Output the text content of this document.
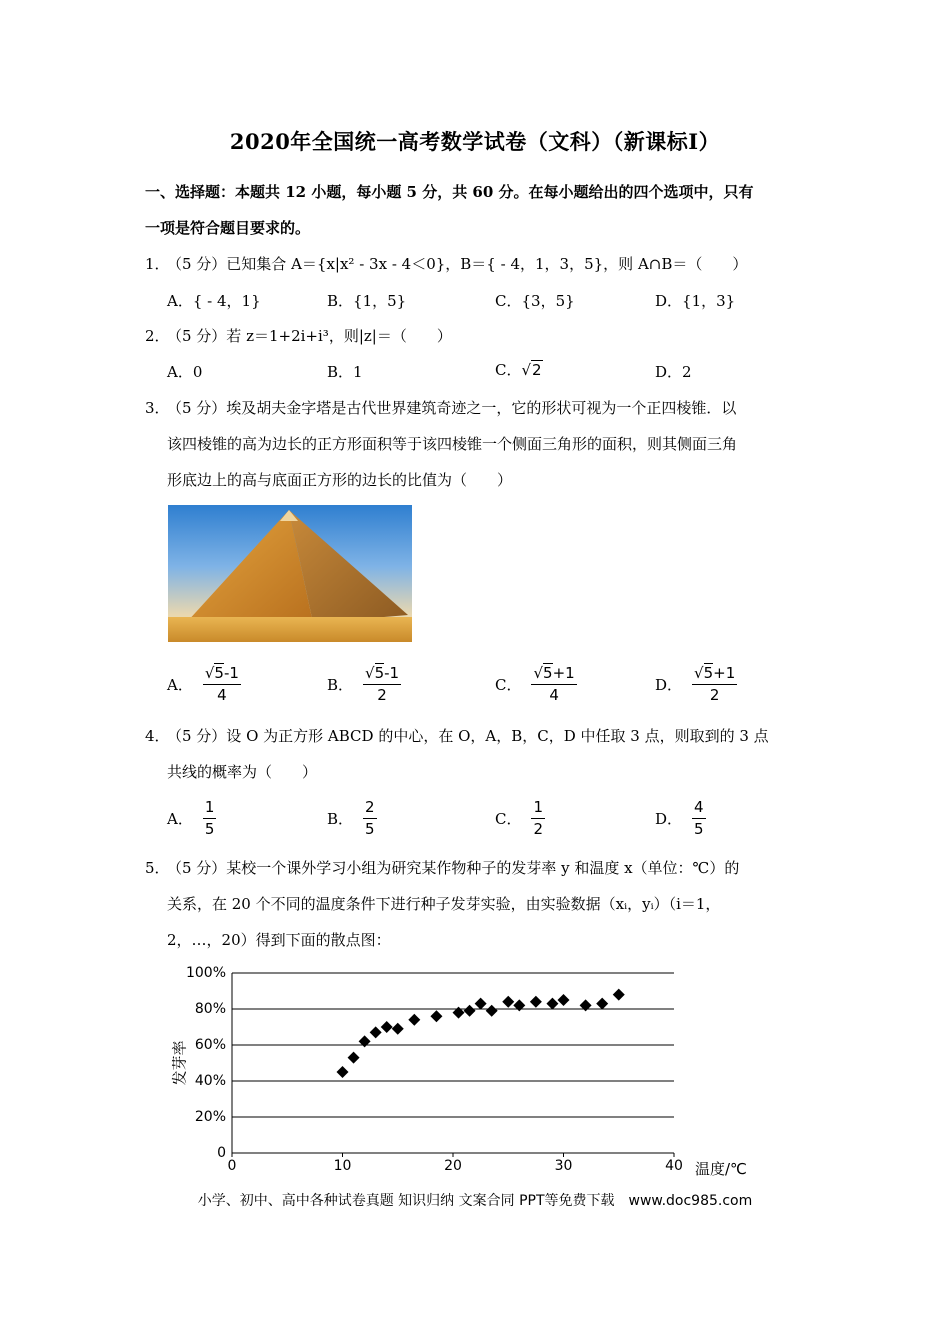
2020年全国统一高考数学试卷（文科）（新课标Ⅰ）
一、选择题：本题共 12 小题，每小题 5 分，共 60 分。在每小题给出的四个选项中，只有
一项是符合题目要求的。
1．
（5 分）已知集合 A＝{x|x² - 3x - 4＜0}，B＝{ - 4，1，3，5}，则 A∩B＝（　　）
A．{ - 4，1}	B．{1，5}	C．{3，5}	D．{1，3}
2．
（5 分）若 z＝1+2i+i³，则|z|＝（　　）
A．0	B．1	C．√2	D．2
3．
（5 分）埃及胡夫金字塔是古代世界建筑奇迹之一，它的形状可视为一个正四棱锥．以
该四棱锥的高为边长的正方形面积等于该四棱锥一个侧面三角形的面积，则其侧面三角
形底边上的高与底面正方形的边长的比值为（　　）
A． $\frac{√5-1}{4}$	B． $\frac{√5-1}{2}$	C． $\frac{√5+1}{4}$	D． $\frac{√5+1}{2}$
4．
（5 分）设 O 为正方形 ABCD 的中心，在 O，A，B，C，D 中任取 3 点，则取到的 3 点
共线的概率为（　　）
A． $\frac{1}{5}$	B． $\frac{2}{5}$	C． $\frac{1}{2}$	D． $\frac{4}{5}$
5．
（5 分）某校一个课外学习小组为研究某作物种子的发芽率 y 和温度 x（单位：℃）的
关系，在 20 个不同的温度条件下进行种子发芽实验，由实验数据（xᵢ，yᵢ）（i＝1，
2，…，20）得到下面的散点图：
0
20%
40%
60%
80%
100%
0	10	20	30	40
发芽率
温度/℃
小学、初中、高中各种试卷真题 知识归纳 文案合同 PPT等免费下载　www.doc985.com
